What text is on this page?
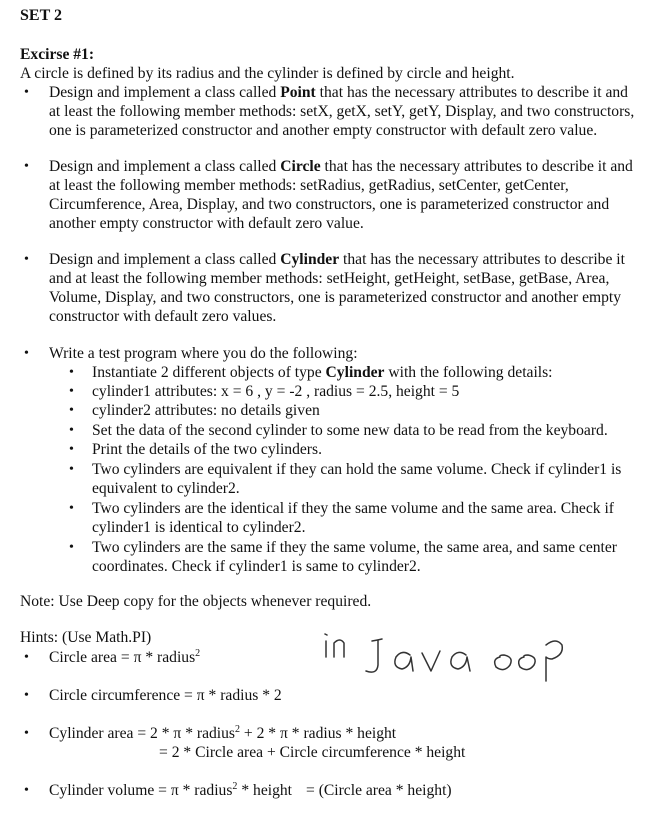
SET 2
Excirse #1:
A circle is defined by its radius and the cylinder is defined by circle and height.
• Design and implement a class called Point that has the necessary attributes to describe it and
at least the following member methods: setX, getX, setY, getY, Display, and two constructors,
one is parameterized constructor and another empty constructor with default zero value.
• Design and implement a class called Circle that has the necessary attributes to describe it and
at least the following member methods: setRadius, getRadius, setCenter, getCenter,
Circumference, Area, Display, and two constructors, one is parameterized constructor and
another empty constructor with default zero value.
• Design and implement a class called Cylinder that has the necessary attributes to describe it
and at least the following member methods: setHeight, getHeight, setBase, getBase, Area,
Volume, Display, and two constructors, one is parameterized constructor and another empty
constructor with default zero values.
• Write a test program where you do the following:
• Instantiate 2 different objects of type Cylinder with the following details:
• cylinder1 attributes: x = 6 , y = -2 , radius = 2.5, height = 5
• cylinder2 attributes: no details given
• Set the data of the second cylinder to some new data to be read from the keyboard.
• Print the details of the two cylinders.
• Two cylinders are equivalent if they can hold the same volume. Check if cylinder1 is
equivalent to cylinder2.
• Two cylinders are the identical if they the same volume and the same area. Check if
cylinder1 is identical to cylinder2.
• Two cylinders are the same if they the same volume, the same area, and same center
coordinates. Check if cylinder1 is same to cylinder2.
Note: Use Deep copy for the objects whenever required.
Hints: (Use Math.PI)
• Circle area = π * radius$^2$
• Circle circumference = π * radius * 2
• Cylinder area = 2 * π * radius$^2$ + 2 * π * radius * height
= 2 * Circle area + Circle circumference * height
• Cylinder volume = π * radius$^2$ * height = (Circle area * height)
